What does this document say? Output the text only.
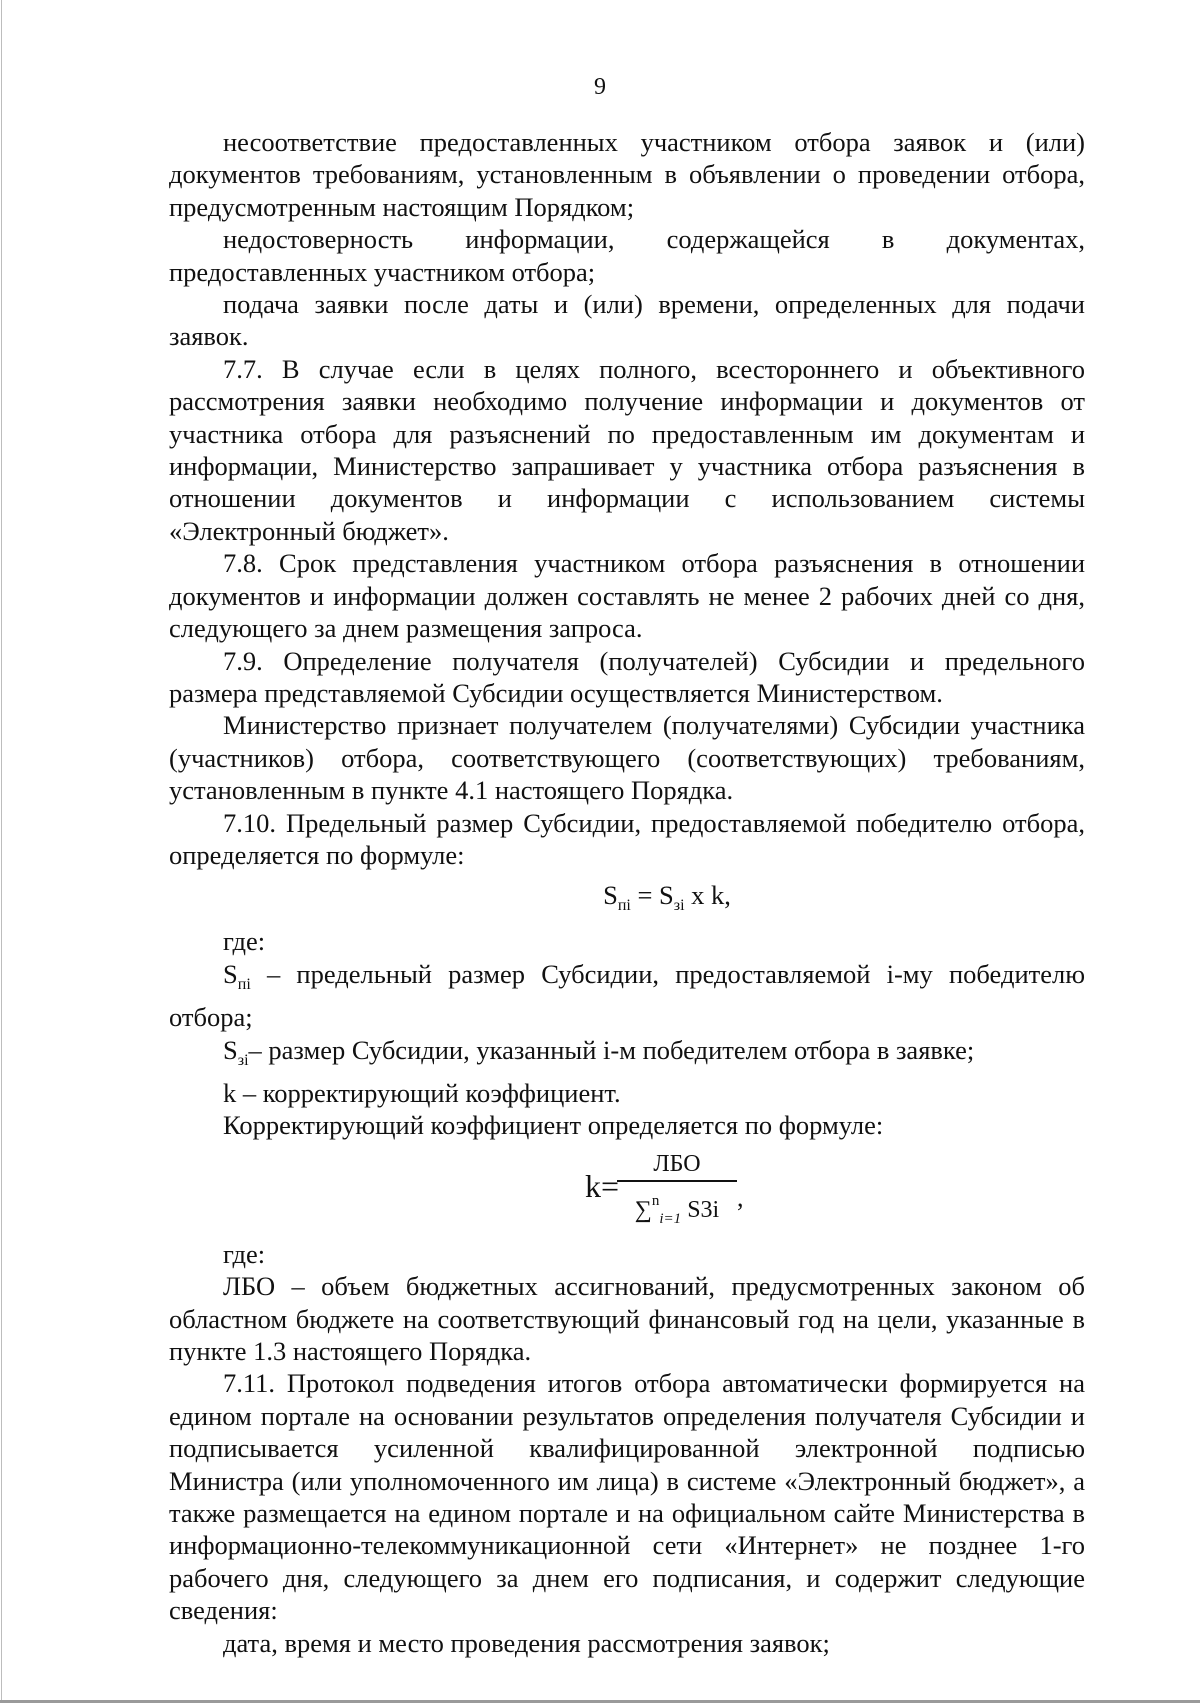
9

несоответствие предоставленных участником отбора заявок и (или) документов требованиям, установленным в объявлении о проведении отбора, предусмотренным настоящим Порядком;

недостоверность информации, содержащейся в документах, предоставленных участником отбора;

подача заявки после даты и (или) времени, определенных для подачи заявок.

7.7. В случае если в целях полного, всестороннего и объективного рассмотрения заявки необходимо получение информации и документов от участника отбора для разъяснений по предоставленным им документам и информации, Министерство запрашивает у участника отбора разъяснения в отношении документов и информации с использованием системы «Электронный бюджет».

7.8. Срок представления участником отбора разъяснения в отношении документов и информации должен составлять не менее 2 рабочих дней со дня, следующего за днем размещения запроса.

7.9. Определение получателя (получателей) Субсидии и предельного размера представляемой Субсидии осуществляется Министерством.

Министерство признает получателем (получателями) Субсидии участника (участников) отбора, соответствующего (соответствующих) требованиям, установленным в пункте 4.1 настоящего Порядка.

7.10. Предельный размер Субсидии, предоставляемой победителю отбора, определяется по формуле:

$S_{пi} = S_{зi}$ x k,

где:

$S_{пi}$ – предельный размер Субсидии, предоставляемой i-му победителю отбора;

$S_{зi}-$ размер Субсидии, указанный i-м победителем отбора в заявке;

k – корректирующий коэффициент.

Корректирующий коэффициент определяется по формуле:

k=
ЛБО
∑$^n_{i=1}$ S3i ,

где:

ЛБО – объем бюджетных ассигнований, предусмотренных законом об областном бюджете на соответствующий финансовый год на цели, указанные в пункте 1.3 настоящего Порядка.

7.11. Протокол подведения итогов отбора автоматически формируется на едином портале на основании результатов определения получателя Субсидии и подписывается усиленной квалифицированной электронной подписью Министра (или уполномоченного им лица) в системе «Электронный бюджет», а также размещается на едином портале и на официальном сайте Министерства в информационно-телекоммуникационной сети «Интернет» не позднее 1-го рабочего дня, следующего за днем его подписания, и содержит следующие сведения:

дата, время и место проведения рассмотрения заявок;
